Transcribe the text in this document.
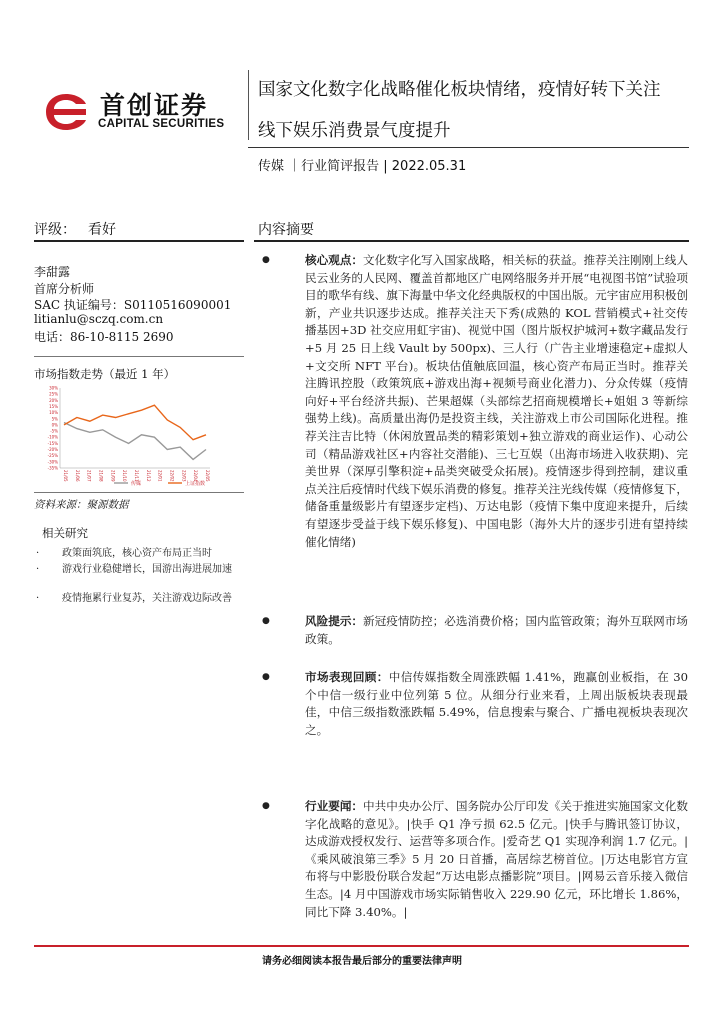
首创证券
CAPITAL SECURITIES
国家文化数字化战略催化板块情绪，疫情好转下关注
线下娱乐消费景气度提升
传媒 ｜行业简评报告 | 2022.05.31
评级： 看好	内容摘要
李甜露
首席分析师
SAC 执证编号：S0110516090001
litianlu@sczq.com.cn
电话：86-10-8115 2690
市场指数走势（最近 1 年）
30%
25%
20%
15%
10%
5%
0%
-5%
-10%
-15%
-20%
-25%
-30%
-35%
21/05 21/06 21/07 21/08 21/09 21/10 21/11 21/12 22/01 22/02 22/03 22/04 22/05
传媒	上证指数
资料来源：聚源数据
相关研究
· 政策面筑底，核心资产布局正当时
· 游戏行业稳健增长，国游出海进展加速
· 疫情拖累行业复苏，关注游戏边际改善
●	核心观点：文化数字化写入国家战略，相关标的获益。推荐关注刚刚上线人民云业务的人民网、覆盖首都地区广电网络服务并开展“电视图书馆”试验项目的歌华有线、旗下海量中华文化经典版权的中国出版。元宇宙应用积极创新，产业共识逐步达成。推荐关注天下秀(成熟的 KOL 营销模式+社交传播基因+3D 社交应用虹宇宙)、视觉中国（图片版权护城河+数字藏品发行+5 月 25 日上线 Vault by 500px)、三人行（广告主业增速稳定+虚拟人+文交所 NFT 平台)。板块估值触底回温，核心资产布局正当时。推荐关注腾讯控股（政策筑底+游戏出海+视频号商业化潜力)、分众传媒（疫情向好+平台经济共振)、芒果超媒（头部综艺招商规模增长+姐姐 3 等新综强势上线)。高质量出海仍是投资主线，关注游戏上市公司国际化进程。推荐关注吉比特（休闲放置品类的精彩策划+独立游戏的商业运作)、心动公司（精品游戏社区+内容社交潜能)、三七互娱（出海市场进入收获期)、完美世界（深厚引擎积淀+品类突破受众拓展)。疫情逐步得到控制，建议重点关注后疫情时代线下娱乐消费的修复。推荐关注光线传媒（疫情修复下，储备重量级影片有望逐步定档)、万达电影（疫情下集中度迎来提升，后续有望逐步受益于线下娱乐修复)、中国电影（海外大片的逐步引进有望持续催化情绪)
●	风险提示：新冠疫情防控；必选消费价格；国内监管政策；海外互联网市场政策。
●	市场表现回顾：中信传媒指数全周涨跌幅 1.41%，跑赢创业板指，在 30 个中信一级行业中位列第 5 位。从细分行业来看，上周出版板块表现最佳，中信三级指数涨跌幅 5.49%，信息搜索与聚合、广播电视板块表现次之。
●	行业要闻：中共中央办公厅、国务院办公厅印发《关于推进实施国家文化数字化战略的意见》。|快手 Q1 净亏损 62.5 亿元。|快手与腾讯签订协议，达成游戏授权发行、运营等多项合作。|爱奇艺 Q1 实现净利润 1.7 亿元。|《乘风破浪第三季》5 月 20 日首播，高居综艺榜首位。|万达电影官方宣布将与中影股份联合发起“万达电影点播影院”项目。|网易云音乐接入微信生态。|4 月中国游戏市场实际销售收入 229.90 亿元，环比增长 1.86%，同比下降 3.40%。|
请务必细阅读本报告最后部分的重要法律声明
